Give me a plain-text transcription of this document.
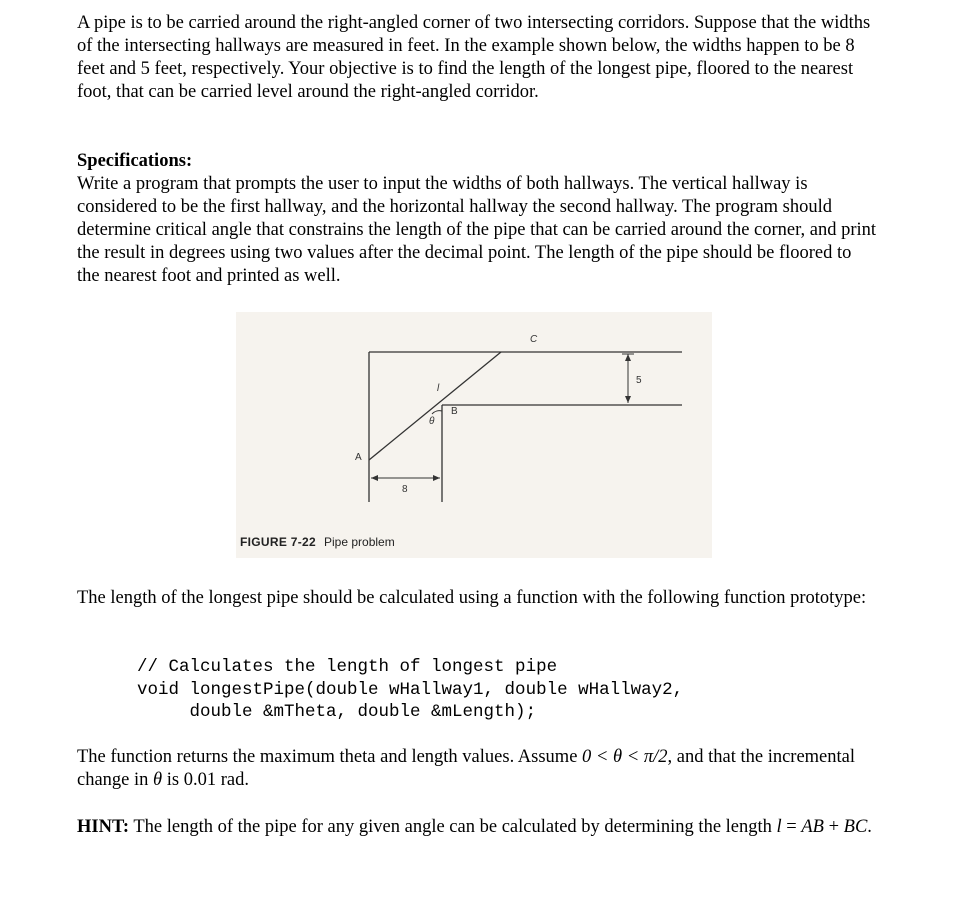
A pipe is to be carried around the right-angled corner of two intersecting corridors. Suppose that the widths of the intersecting hallways are measured in feet. In the example shown below, the widths happen to be 8 feet and 5 feet, respectively. Your objective is to find the length of the longest pipe, floored to the nearest foot, that can be carried level around the right-angled corridor.

Specifications:
Write a program that prompts the user to input the widths of both hallways. The vertical hallway is considered to be the first hallway, and the horizontal hallway the second hallway. The program should determine critical angle that constrains the length of the pipe that can be carried around the corner, and print the result in degrees using two values after the decimal point. The length of the pipe should be floored to the nearest foot and printed as well.

C
5
l
B
θ
A
8
FIGURE 7-22 Pipe problem

The length of the longest pipe should be calculated using a function with the following function prototype:

// Calculates the length of longest pipe
void longestPipe(double wHallway1, double wHallway2,
double &mTheta, double &mLength);

The function returns the maximum theta and length values. Assume 0 < θ < π/2, and that the incremental change in θ is 0.01 rad.

HINT: The length of the pipe for any given angle can be calculated by determining the length l = AB + BC.
